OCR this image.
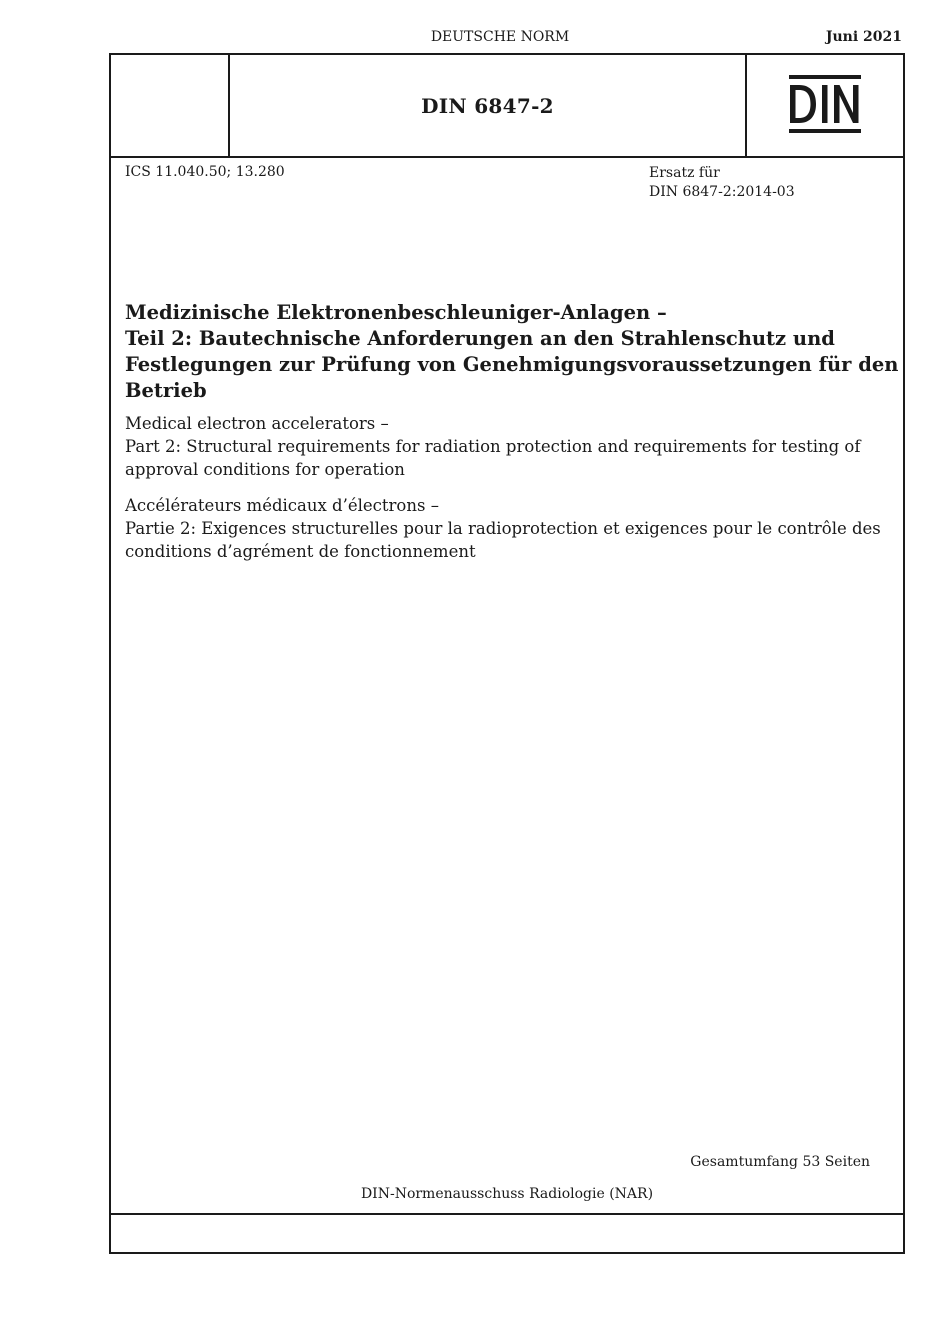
DEUTSCHE NORM	Juni 2021
DIN 6847-2
ICS 11.040.50; 13.280	Ersatz für
DIN 6847-2:2014-03
Medizinische Elektronenbeschleuniger-Anlagen –
Teil 2: Bautechnische Anforderungen an den Strahlenschutz und
Festlegungen zur Prüfung von Genehmigungsvoraussetzungen für den
Betrieb
Medical electron accelerators –
Part 2: Structural requirements for radiation protection and requirements for testing of
approval conditions for operation
Accélérateurs médicaux d’électrons –
Partie 2: Exigences structurelles pour la radioprotection et exigences pour le contrôle des
conditions d’agrément de fonctionnement
Gesamtumfang 53 Seiten
DIN-Normenausschuss Radiologie (NAR)
